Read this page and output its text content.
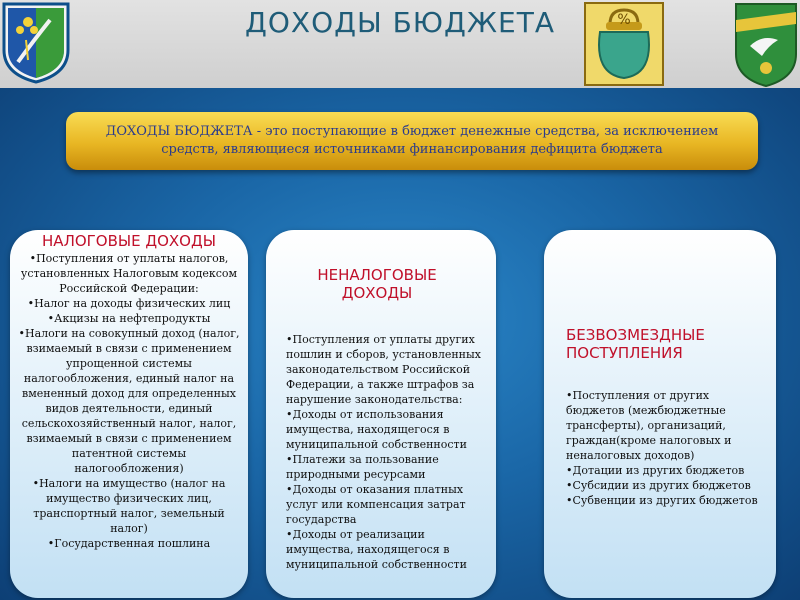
ДОХОДЫ БЮДЖЕТА	%
ДОХОДЫ БЮДЖЕТА - это поступающие в бюджет денежные средства, за исключением средств, являющиеся источниками финансирования дефицита бюджета
НАЛОГОВЫЕ ДОХОДЫ
•Поступления от уплаты налогов, установленных Налоговым кодексом Российской Федерации:
•Налог на доходы физических лиц
•Акцизы на нефтепродукты
•Налоги на совокупный доход (налог, взимаемый в связи с применением упрощенной системы налогообложения, единый налог на вмененный доход для определенных видов деятельности, единый сельскохозяйственный налог, налог, взимаемый в связи с применением патентной системы налогообложения)
•Налоги на имущество (налог на имущество физических лиц, транспортный налог, земельный налог)
•Государственная пошлина
НЕНАЛОГОВЫЕ ДОХОДЫ
•Поступления от уплаты других пошлин и сборов, установленных законодательством Российской Федерации, а также штрафов за нарушение законодательства:
•Доходы от использования имущества, находящегося в муниципальной собственности
•Платежи за пользование природными ресурсами
•Доходы от оказания платных услуг или компенсация затрат государства
•Доходы от реализации имущества, находящегося в муниципальной собственности
БЕЗВОЗМЕЗДНЫЕ ПОСТУПЛЕНИЯ
•Поступления от других бюджетов (межбюджетные трансферты), организаций, граждан(кроме налоговых и неналоговых доходов)
•Дотации из других бюджетов
•Субсидии из других бюджетов
•Субвенции из других бюджетов
